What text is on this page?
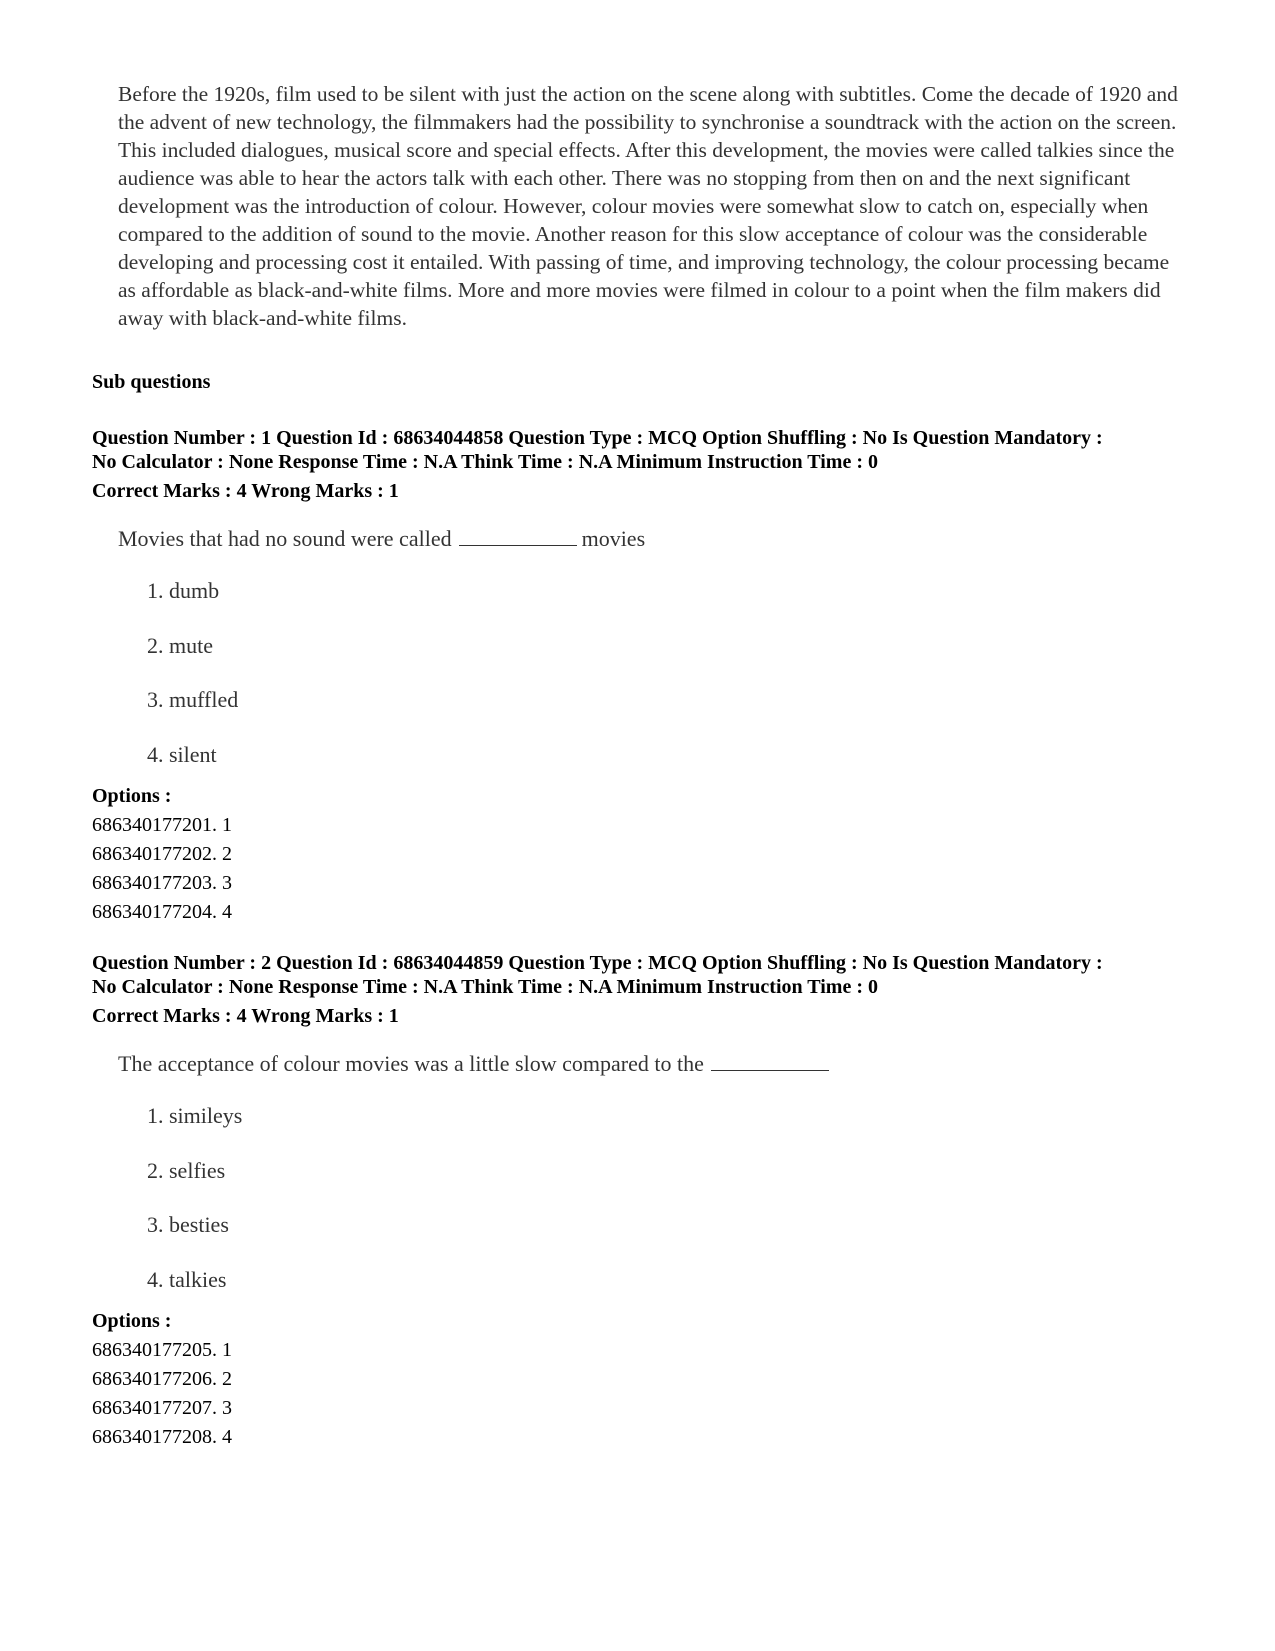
Before the 1920s, film used to be silent with just the action on the scene along with subtitles. Come the decade of 1920 and the advent of new technology, the filmmakers had the possibility to synchronise a soundtrack with the action on the screen. This included dialogues, musical score and special effects. After this development, the movies were called talkies since the audience was able to hear the actors talk with each other. There was no stopping from then on and the next significant development was the introduction of colour. However, colour movies were somewhat slow to catch on, especially when compared to the addition of sound to the movie. Another reason for this slow acceptance of colour was the considerable developing and processing cost it entailed. With passing of time, and improving technology, the colour processing became as affordable as black-and-white films. More and more movies were filmed in colour to a point when the film makers did away with black-and-white films.

Sub questions
Question Number : 1 Question Id : 68634044858 Question Type : MCQ Option Shuffling : No Is Question Mandatory :
No Calculator : None Response Time : N.A Think Time : N.A Minimum Instruction Time : 0
Correct Marks : 4 Wrong Marks : 1
Movies that had no sound were called	movies
1. dumb
2. mute
3. muffled
4. silent
Options :
686340177201. 1
686340177202. 2
686340177203. 3
686340177204. 4
Question Number : 2 Question Id : 68634044859 Question Type : MCQ Option Shuffling : No Is Question Mandatory :
No Calculator : None Response Time : N.A Think Time : N.A Minimum Instruction Time : 0
Correct Marks : 4 Wrong Marks : 1
The acceptance of colour movies was a little slow compared to the
1. simileys
2. selfies
3. besties
4. talkies
Options :
686340177205. 1
686340177206. 2
686340177207. 3
686340177208. 4
